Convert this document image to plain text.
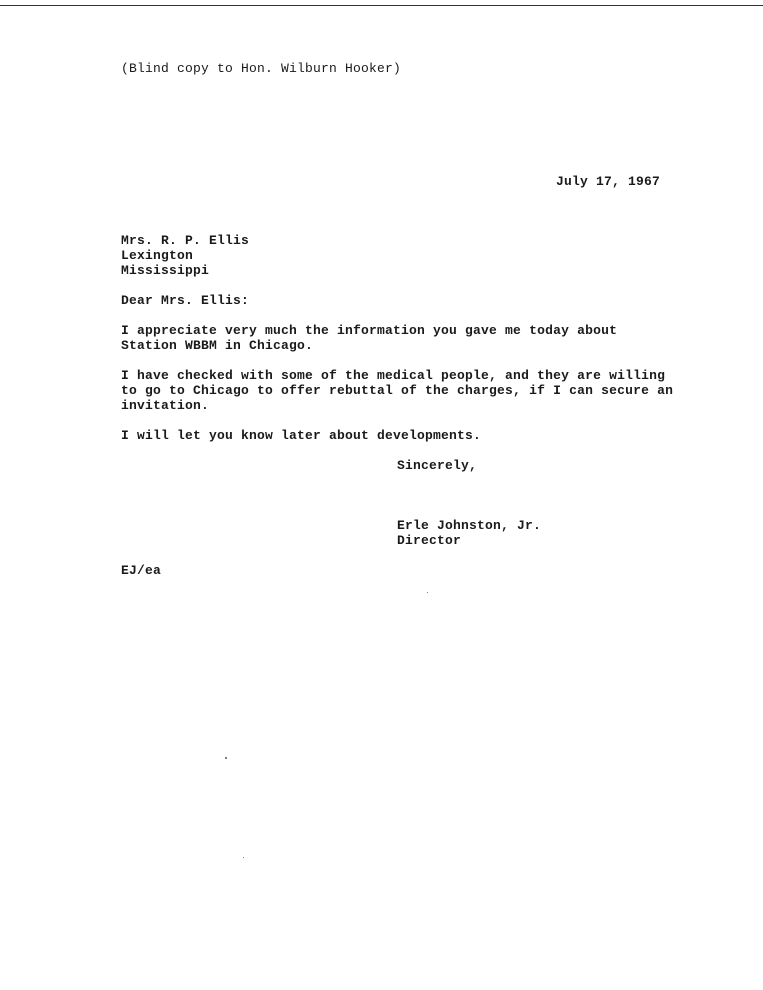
(Blind copy to Hon. Wilburn Hooker)
July 17, 1967
Mrs. R. P. Ellis
Lexington
Mississippi
Dear Mrs. Ellis:
I appreciate very much the information you gave me today about
Station WBBM in Chicago.
I have checked with some of the medical people, and they are willing
to go to Chicago to offer rebuttal of the charges, if I can secure an
invitation.
I will let you know later about developments.
Sincerely,
Erle Johnston, Jr.
Director
EJ/ea
